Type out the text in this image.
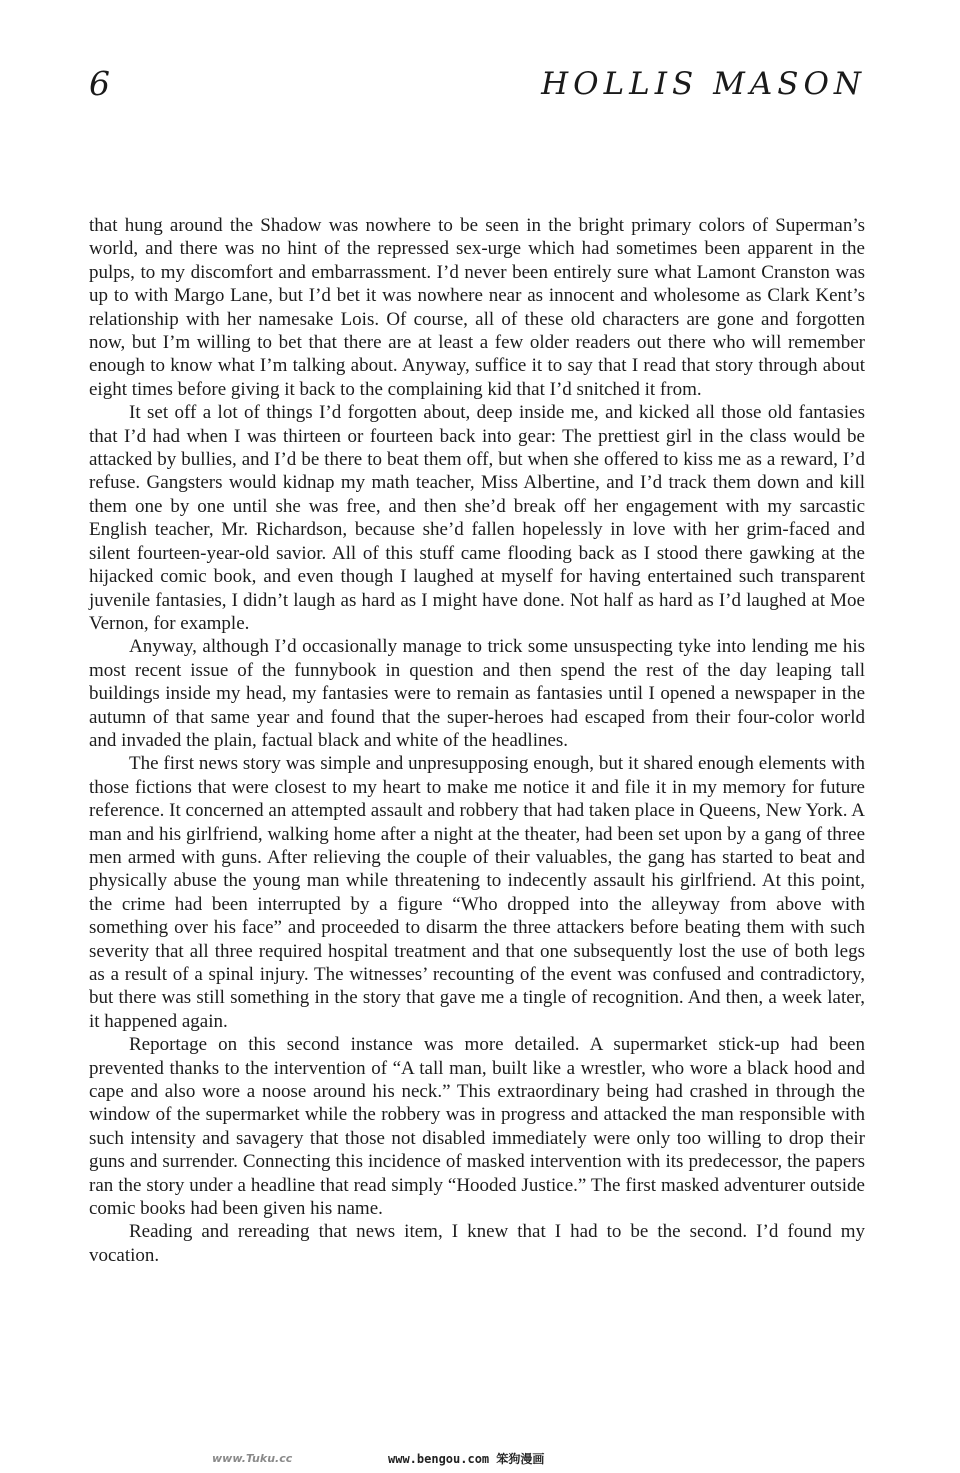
6	HOLLIS MASON

that hung around the Shadow was nowhere to be seen in the bright primary colors of Superman’s world, and there was no hint of the repressed sex-urge which had sometimes been apparent in the pulps, to my discomfort and embarrassment. I’d never been entirely sure what Lamont Cranston was up to with Margo Lane, but I’d bet it was nowhere near as innocent and wholesome as Clark Kent’s relationship with her namesake Lois. Of course, all of these old characters are gone and forgotten now, but I’m willing to bet that there are at least a few older readers out there who will remember enough to know what I’m talking about. Anyway, suffice it to say that I read that story through about eight times before giving it back to the complaining kid that I’d snitched it from.

It set off a lot of things I’d forgotten about, deep inside me, and kicked all those old fantasies that I’d had when I was thirteen or fourteen back into gear: The prettiest girl in the class would be attacked by bullies, and I’d be there to beat them off, but when she offered to kiss me as a reward, I’d refuse. Gangsters would kidnap my math teacher, Miss Albertine, and I’d track them down and kill them one by one until she was free, and then she’d break off her engagement with my sarcastic English teacher, Mr. Richardson, because she’d fallen hopelessly in love with her grim-faced and silent fourteen-year-old savior. All of this stuff came flooding back as I stood there gawking at the hijacked comic book, and even though I laughed at myself for having entertained such transparent juvenile fantasies, I didn’t laugh as hard as I might have done. Not half as hard as I’d laughed at Moe Vernon, for example.

Anyway, although I’d occasionally manage to trick some unsuspecting tyke into lending me his most recent issue of the funnybook in question and then spend the rest of the day leaping tall buildings inside my head, my fantasies were to remain as fantasies until I opened a newspaper in the autumn of that same year and found that the super-heroes had escaped from their four-color world and invaded the plain, factual black and white of the headlines.

The first news story was simple and unpresupposing enough, but it shared enough elements with those fictions that were closest to my heart to make me notice it and file it in my memory for future reference. It concerned an attempted assault and robbery that had taken place in Queens, New York. A man and his girlfriend, walking home after a night at the theater, had been set upon by a gang of three men armed with guns. After relieving the couple of their valuables, the gang has started to beat and physically abuse the young man while threatening to indecently assault his girlfriend. At this point, the crime had been interrupted by a figure “Who dropped into the alleyway from above with something over his face” and proceeded to disarm the three attackers before beating them with such severity that all three required hospital treatment and that one subsequently lost the use of both legs as a result of a spinal injury. The witnesses’ recounting of the event was confused and contradictory, but there was still something in the story that gave me a tingle of recognition. And then, a week later, it happened again.

Reportage on this second instance was more detailed. A supermarket stick-up had been prevented thanks to the intervention of “A tall man, built like a wrestler, who wore a black hood and cape and also wore a noose around his neck.” This extraordinary being had crashed in through the window of the supermarket while the robbery was in progress and attacked the man responsible with such intensity and savagery that those not disabled immediately were only too willing to drop their guns and surrender. Connecting this incidence of masked intervention with its predecessor, the papers ran the story under a headline that read simply “Hooded Justice.” The first masked adventurer outside comic books had been given his name.

Reading and rereading that news item, I knew that I had to be the second. I’d found my vocation.

www.Tuku.cc	www.bengou.com 笨狗漫画
